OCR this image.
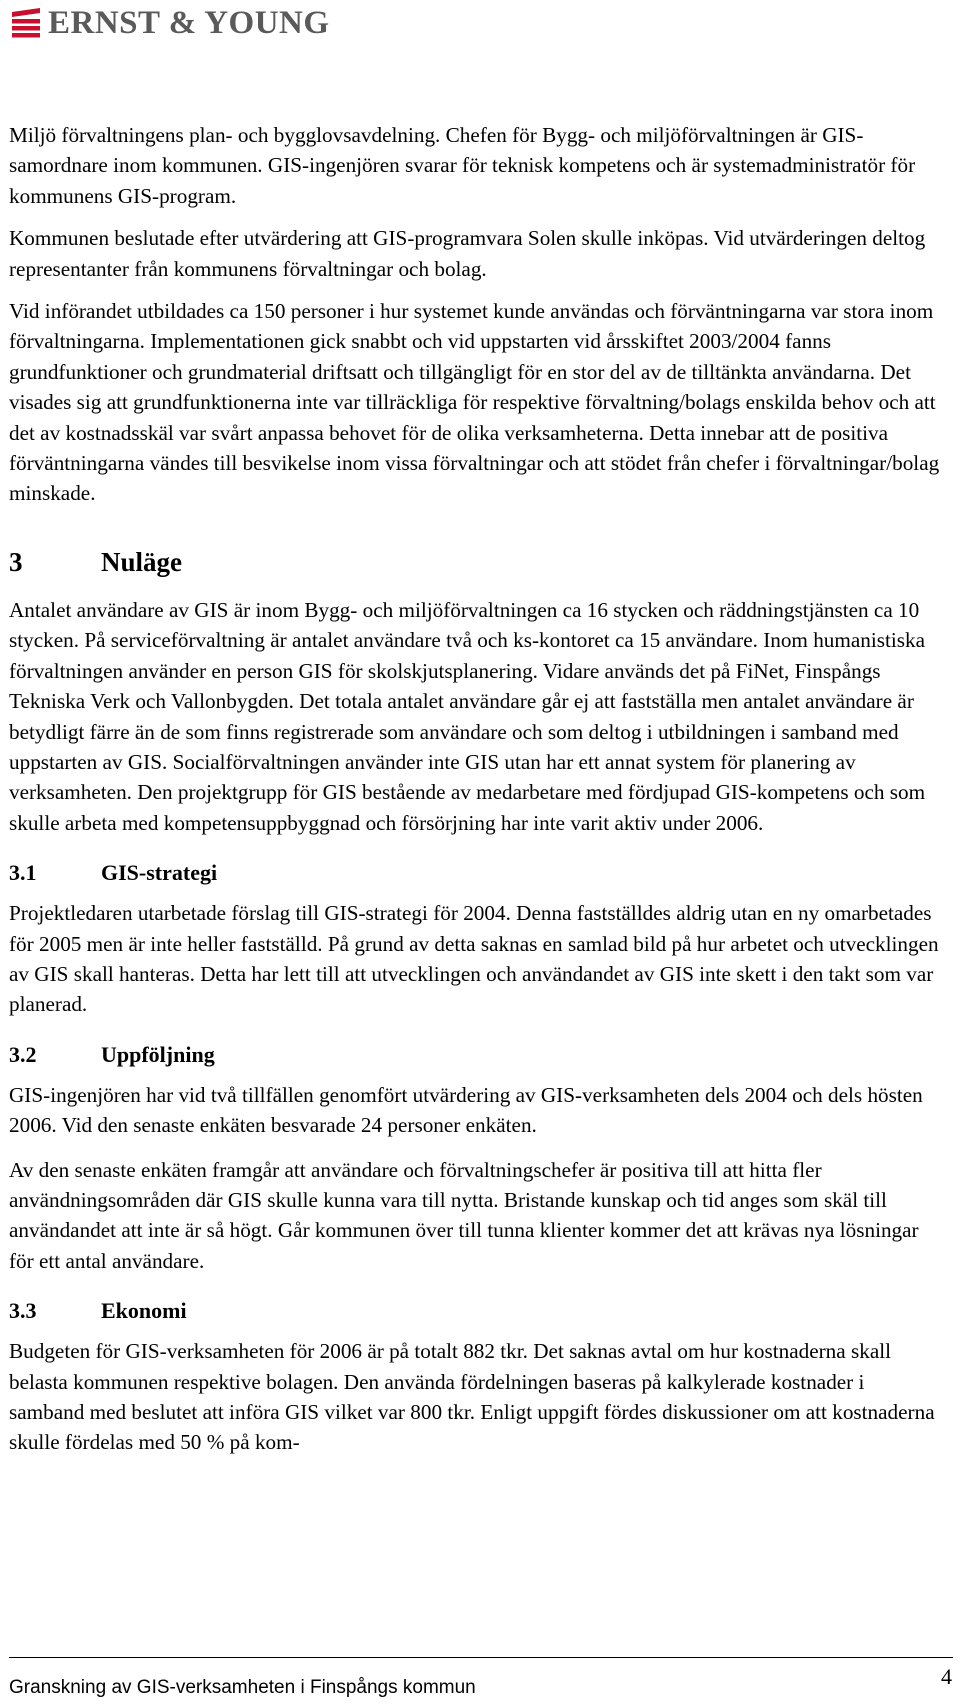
ERNST & YOUNG

Miljö förvaltningens plan- och bygglovsavdelning. Chefen för Bygg- och miljöförvaltningen är GIS-samordnare inom kommunen. GIS-ingenjören svarar för teknisk kompetens och är systemadministratör för kommunens GIS-program.

Kommunen beslutade efter utvärdering att GIS-programvara Solen skulle inköpas. Vid utvärderingen deltog representanter från kommunens förvaltningar och bolag.

Vid införandet utbildades ca 150 personer i hur systemet kunde användas och förväntningarna var stora inom förvaltningarna. Implementationen gick snabbt och vid uppstarten vid årsskiftet 2003/2004 fanns grundfunktioner och grundmaterial driftsatt och tillgängligt för en stor del av de tilltänkta användarna. Det visades sig att grundfunktionerna inte var tillräckliga för respektive förvaltning/bolags enskilda behov och att det av kostnadsskäl var svårt anpassa behovet för de olika verksamheterna. Detta innebar att de positiva förväntningarna vändes till besvikelse inom vissa förvaltningar och att stödet från chefer i förvaltningar/bolag minskade.

3	Nuläge

Antalet användare av GIS är inom Bygg- och miljöförvaltningen ca 16 stycken och räddningstjänsten ca 10 stycken. På serviceförvaltning är antalet användare två och ks-kontoret ca 15 användare. Inom humanistiska förvaltningen använder en person GIS för skolskjutsplanering. Vidare används det på FiNet, Finspångs Tekniska Verk och Vallonbygden. Det totala antalet användare går ej att fastställa men antalet användare är betydligt färre än de som finns registrerade som användare och som deltog i utbildningen i samband med uppstarten av GIS. Socialförvaltningen använder inte GIS utan har ett annat system för planering av verksamheten. Den projektgrupp för GIS bestående av medarbetare med fördjupad GIS-kompetens och som skulle arbeta med kompetensuppbyggnad och försörjning har inte varit aktiv under 2006.

3.1	GIS-strategi

Projektledaren utarbetade förslag till GIS-strategi för 2004. Denna fastställdes aldrig utan en ny omarbetades för 2005 men är inte heller fastställd. På grund av detta saknas en samlad bild på hur arbetet och utvecklingen av GIS skall hanteras. Detta har lett till att utvecklingen och användandet av GIS inte skett i den takt som var planerad.

3.2	Uppföljning

GIS-ingenjören har vid två tillfällen genomfört utvärdering av GIS-verksamheten dels 2004 och dels hösten 2006. Vid den senaste enkäten besvarade 24 personer enkäten.

Av den senaste enkäten framgår att användare och förvaltningschefer är positiva till att hitta fler användningsområden där GIS skulle kunna vara till nytta. Bristande kunskap och tid anges som skäl till användandet att inte är så högt. Går kommunen över till tunna klienter kommer det att krävas nya lösningar för ett antal användare.

3.3	Ekonomi

Budgeten för GIS-verksamheten för 2006 är på totalt 882 tkr. Det saknas avtal om hur kostnaderna skall belasta kommunen respektive bolagen. Den använda fördelningen baseras på kalkylerade kostnader i samband med beslutet att införa GIS vilket var 800 tkr. Enligt uppgift fördes diskussioner om att kostnaderna skulle fördelas med 50 % på kom-

Granskning av GIS-verksamheten i Finspångs kommun	4
